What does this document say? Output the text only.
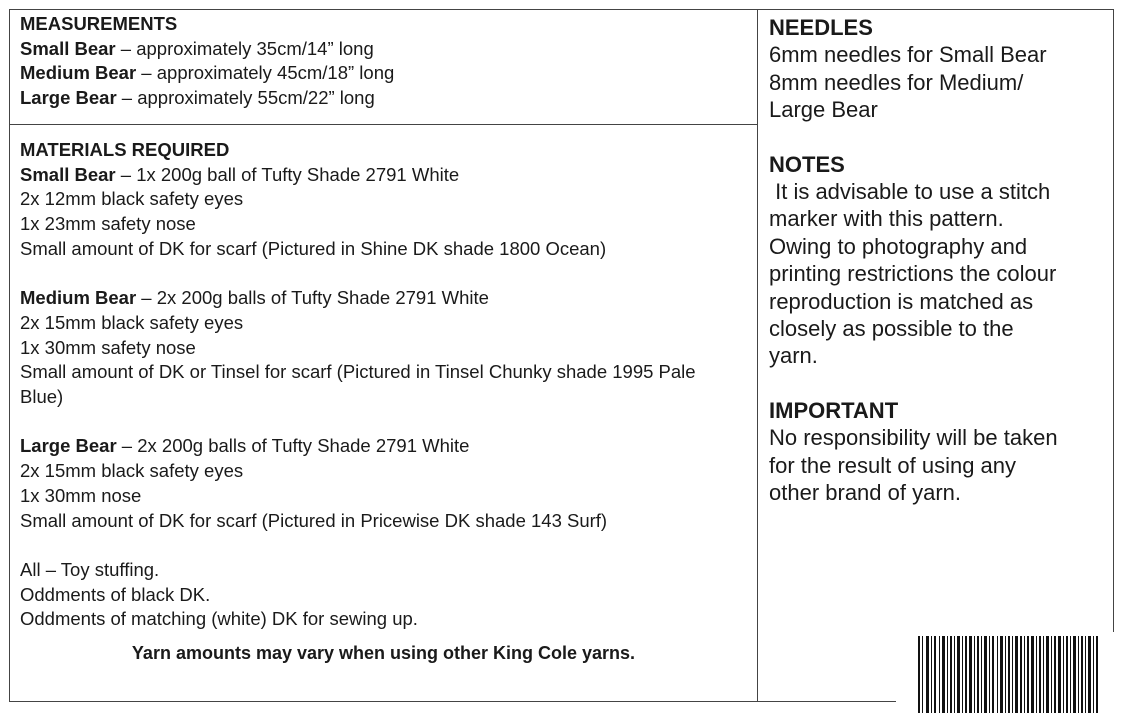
MEASUREMENTS
Small Bear – approximately 35cm/14” long
Medium Bear – approximately 45cm/18” long
Large Bear – approximately 55cm/22” long
MATERIALS REQUIRED
Small Bear – 1x 200g ball of Tufty Shade 2791 White
2x 12mm black safety eyes
1x 23mm safety nose
Small amount of DK for scarf (Pictured in Shine DK shade 1800 Ocean)
Medium Bear – 2x 200g balls of Tufty Shade 2791 White
2x 15mm black safety eyes
1x 30mm safety nose
Small amount of DK or Tinsel for scarf (Pictured in Tinsel Chunky shade 1995 Pale Blue)
Large Bear – 2x 200g balls of Tufty Shade 2791 White
2x 15mm black safety eyes
1x 30mm nose
Small amount of DK for scarf (Pictured in Pricewise DK shade 143 Surf)
All – Toy stuffing.
Oddments of black DK.
Oddments of matching (white) DK for sewing up.
Yarn amounts may vary when using other King Cole yarns.
NEEDLES
6mm needles for Small Bear
8mm needles for Medium/
Large Bear
NOTES
It is advisable to use a stitch
marker with this pattern.
Owing to photography and
printing restrictions the colour
reproduction is matched as
closely as possible to the
yarn.
IMPORTANT
No responsibility will be taken
for the result of using any
other brand of yarn.
